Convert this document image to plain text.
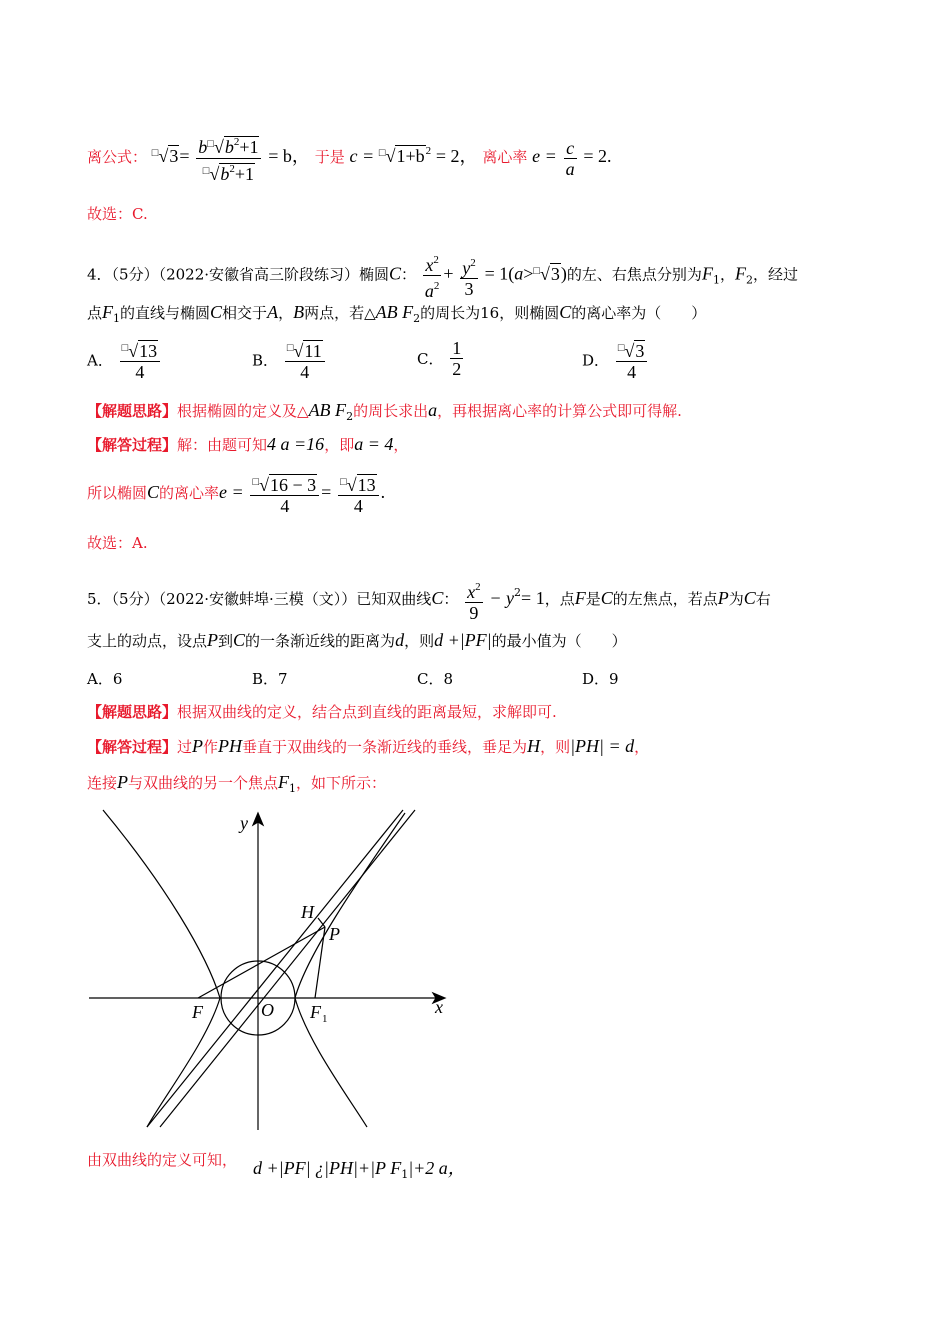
离公式： $^□√3= \frac{b^□√b^2+1}{^□√b^2+1} = b$， 于是 $c = ^□√1+b^2 = 2$， 离心率 $e = \frac{c}{a} = 2$.
故选：C.
4．（5分）（2022·安徽省高三阶段练习）椭圆C： $\frac{x^2}{a^2} + \frac{y^2}{3} = 1(a>^□√3)$的左、右焦点分别为$F_1$，$F_2$，经过
点$F_1$的直线与椭圆C相交于A，B两点，若△AB $F_2$的周长为16，则椭圆C的离心率为（　　）
A． $\frac{^□√13}{4}$	B． $\frac{^□√11}{4}$	C． $\frac{1}{2}$	D． $\frac{^□√3}{4}$
【解题思路】根据椭圆的定义及△AB $F_2$的周长求出a，再根据离心率的计算公式即可得解.
【解答过程】解：由题可知4 a =16，即a = 4，
所以椭圆C的离心率$e = \frac{^□√16 - 3}{4} = \frac{^□√13}{4}$ .
故选：A.
5．（5分）（2022·安徽蚌埠·三模（文））已知双曲线C： $\frac{x^2}{9} - y^2= 1$，点F是C的左焦点，若点P为C右
支上的动点，设点P到C的一条渐近线的距离为d，则d +|PF|的最小值为（　　）
A．6	B．7	C．8	D．9
【解题思路】根据双曲线的定义，结合点到直线的距离最短，求解即可.
【解答过程】过P作PH垂直于双曲线的一条渐近线的垂线，垂足为H，则|PH| = d，
连接P与双曲线的另一个焦点$F_1$，如下所示：
y
x
H
P
F	O F 1
由双曲线的定义可知， d +|PF| ¿|PH|+|P $F_1|+2$ a，
